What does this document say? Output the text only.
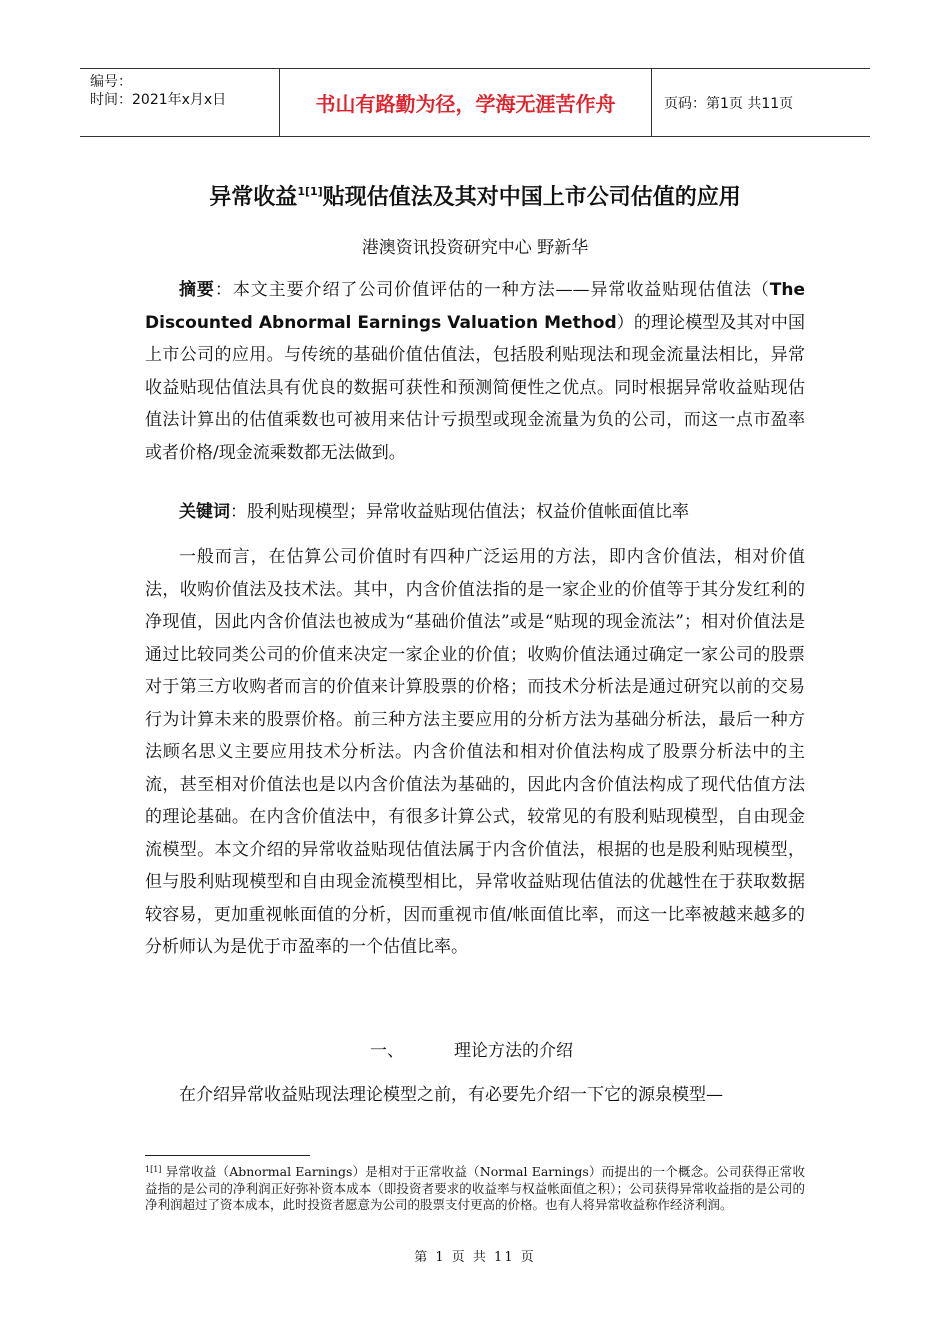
编号：
时间：2021年x月x日	书山有路勤为径，学海无涯苦作舟	页码：第1页 共11页
异常收益$^{1[1]}$贴现估值法及其对中国上市公司估值的应用
港澳资讯投资研究中心 野新华
摘要：本文主要介绍了公司价值评估的一种方法——异常收益贴现估值法（The Discounted Abnormal Earnings Valuation Method）的理论模型及其对中国上市公司的应用。与传统的基础价值估值法，包括股利贴现法和现金流量法相比，异常收益贴现估值法具有优良的数据可获性和预测简便性之优点。同时根据异常收益贴现估值法计算出的估值乘数也可被用来估计亏损型或现金流量为负的公司，而这一点市盈率或者价格/现金流乘数都无法做到。
关键词：股利贴现模型；异常收益贴现估值法；权益价值帐面值比率
一般而言，在估算公司价值时有四种广泛运用的方法，即内含价值法，相对价值法，收购价值法及技术法。其中，内含价值法指的是一家企业的价值等于其分发红利的净现值，因此内含价值法也被成为“基础价值法”或是“贴现的现金流法”；相对价值法是通过比较同类公司的价值来决定一家企业的价值；收购价值法通过确定一家公司的股票对于第三方收购者而言的价值来计算股票的价格；而技术分析法是通过研究以前的交易行为计算未来的股票价格。前三种方法主要应用的分析方法为基础分析法，最后一种方法顾名思义主要应用技术分析法。内含价值法和相对价值法构成了股票分析法中的主流，甚至相对价值法也是以内含价值法为基础的，因此内含价值法构成了现代估值方法的理论基础。在内含价值法中，有很多计算公式，较常见的有股利贴现模型，自由现金流模型。本文介绍的异常收益贴现估值法属于内含价值法，根据的也是股利贴现模型，但与股利贴现模型和自由现金流模型相比，异常收益贴现估值法的优越性在于获取数据较容易，更加重视帐面值的分析，因而重视市值/帐面值比率，而这一比率被越来越多的分析师认为是优于市盈率的一个估值比率。
一、	理论方法的介绍
在介绍异常收益贴现法理论模型之前，有必要先介绍一下它的源泉模型—
$^{1[1]}$ 异常收益（Abnormal Earnings）是相对于正常收益（Normal Earnings）而提出的一个概念。公司获得正常收益指的是公司的净利润正好弥补资本成本（即投资者要求的收益率与权益帐面值之积）；公司获得异常收益指的是公司的净利润超过了资本成本，此时投资者愿意为公司的股票支付更高的价格。也有人将异常收益称作经济利润。
第 1 页 共 11 页
